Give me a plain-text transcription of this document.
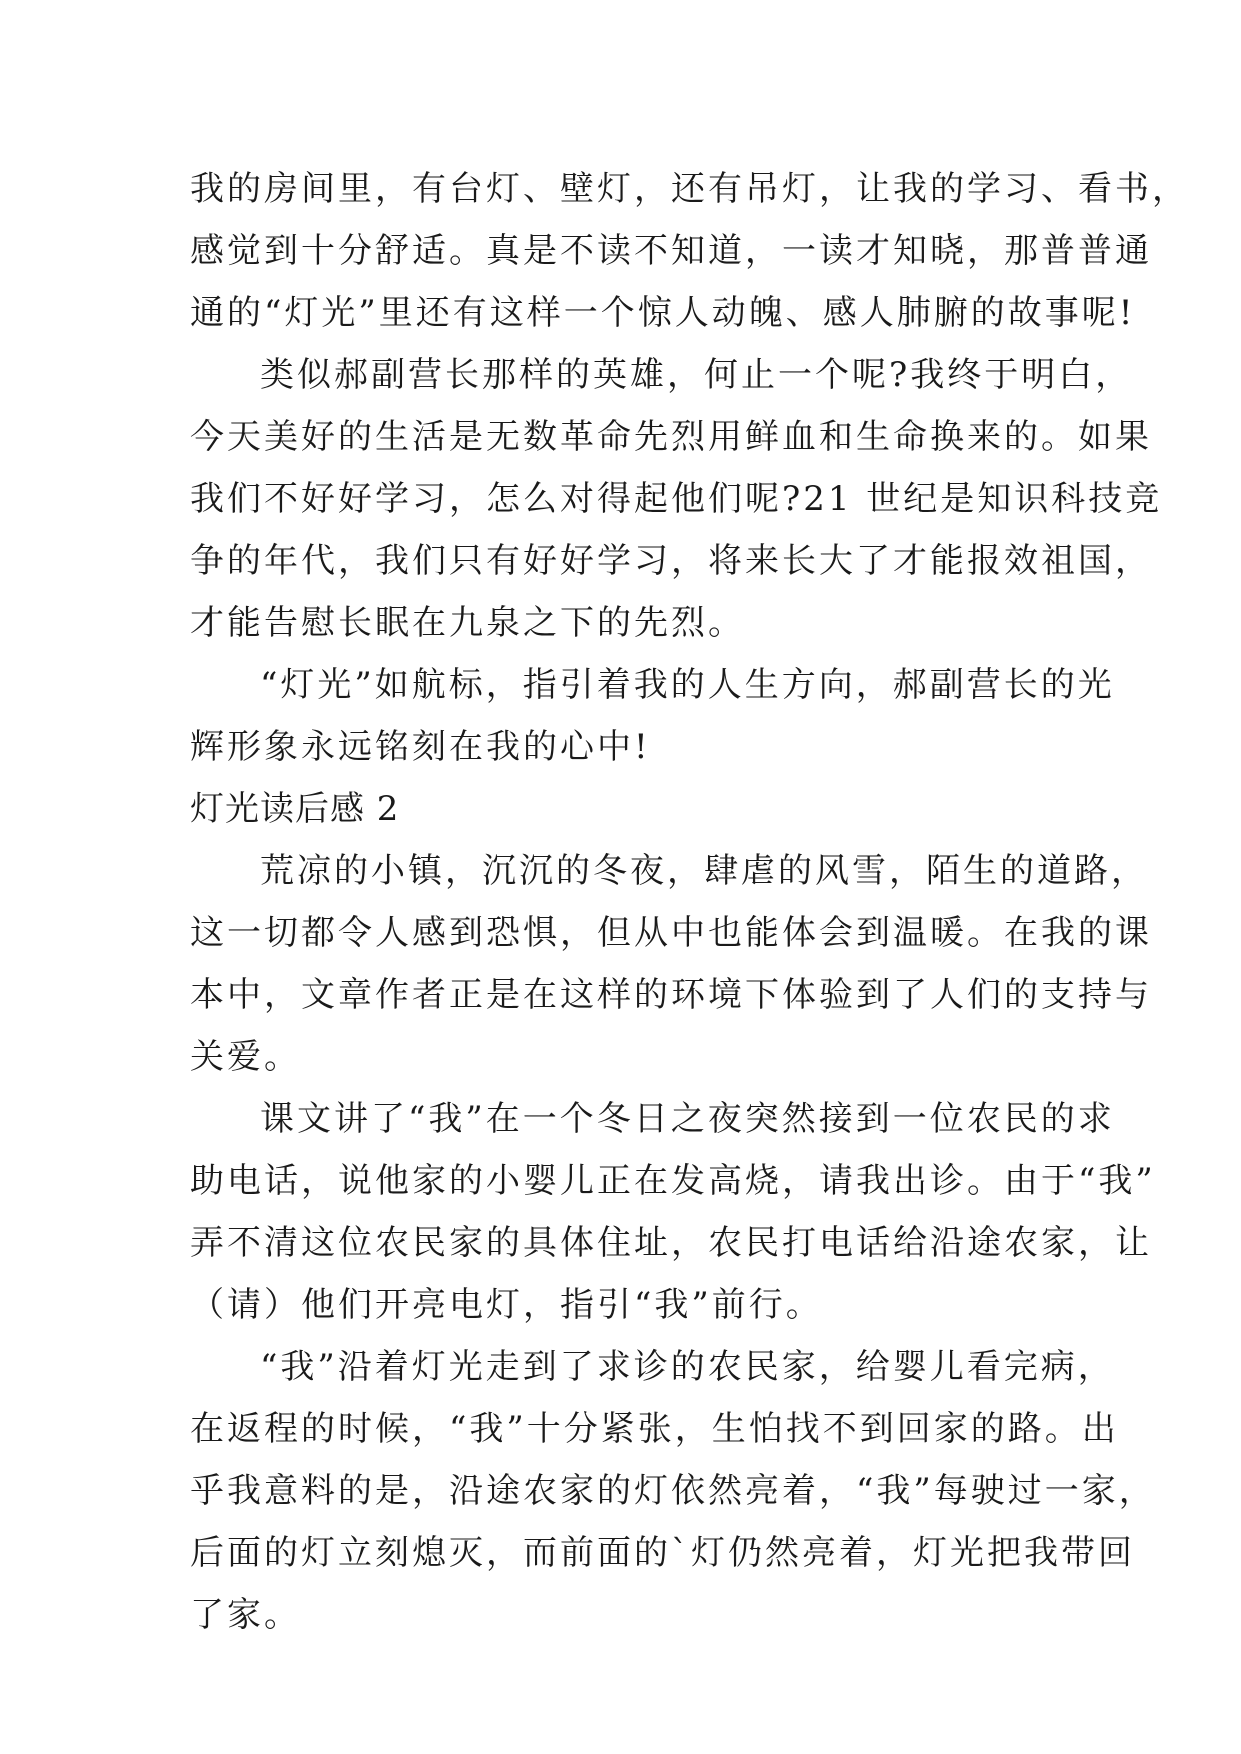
我的房间里，有台灯、壁灯，还有吊灯，让我的学习、看书，
感觉到十分舒适。真是不读不知道，一读才知晓，那普普通
通的“灯光”里还有这样一个惊人动魄、感人肺腑的故事呢!
类似郝副营长那样的英雄，何止一个呢?我终于明白，
今天美好的生活是无数革命先烈用鲜血和生命换来的。如果
我们不好好学习，怎么对得起他们呢?21 世纪是知识科技竞
争的年代，我们只有好好学习，将来长大了才能报效祖国，
才能告慰长眠在九泉之下的先烈。
“灯光”如航标，指引着我的人生方向，郝副营长的光
辉形象永远铭刻在我的心中!
灯光读后感 2
荒凉的小镇，沉沉的冬夜，肆虐的风雪，陌生的道路，
这一切都令人感到恐惧，但从中也能体会到温暖。在我的课
本中，文章作者正是在这样的环境下体验到了人们的支持与
关爱。
课文讲了“我”在一个冬日之夜突然接到一位农民的求
助电话，说他家的小婴儿正在发高烧，请我出诊。由于“我”
弄不清这位农民家的具体住址，农民打电话给沿途农家，让
（请）他们开亮电灯，指引“我”前行。
“我”沿着灯光走到了求诊的农民家，给婴儿看完病，
在返程的时候，“我”十分紧张，生怕找不到回家的路。出
乎我意料的是，沿途农家的灯依然亮着，“我”每驶过一家，
后面的灯立刻熄灭，而前面的`灯仍然亮着，灯光把我带回
了家。
